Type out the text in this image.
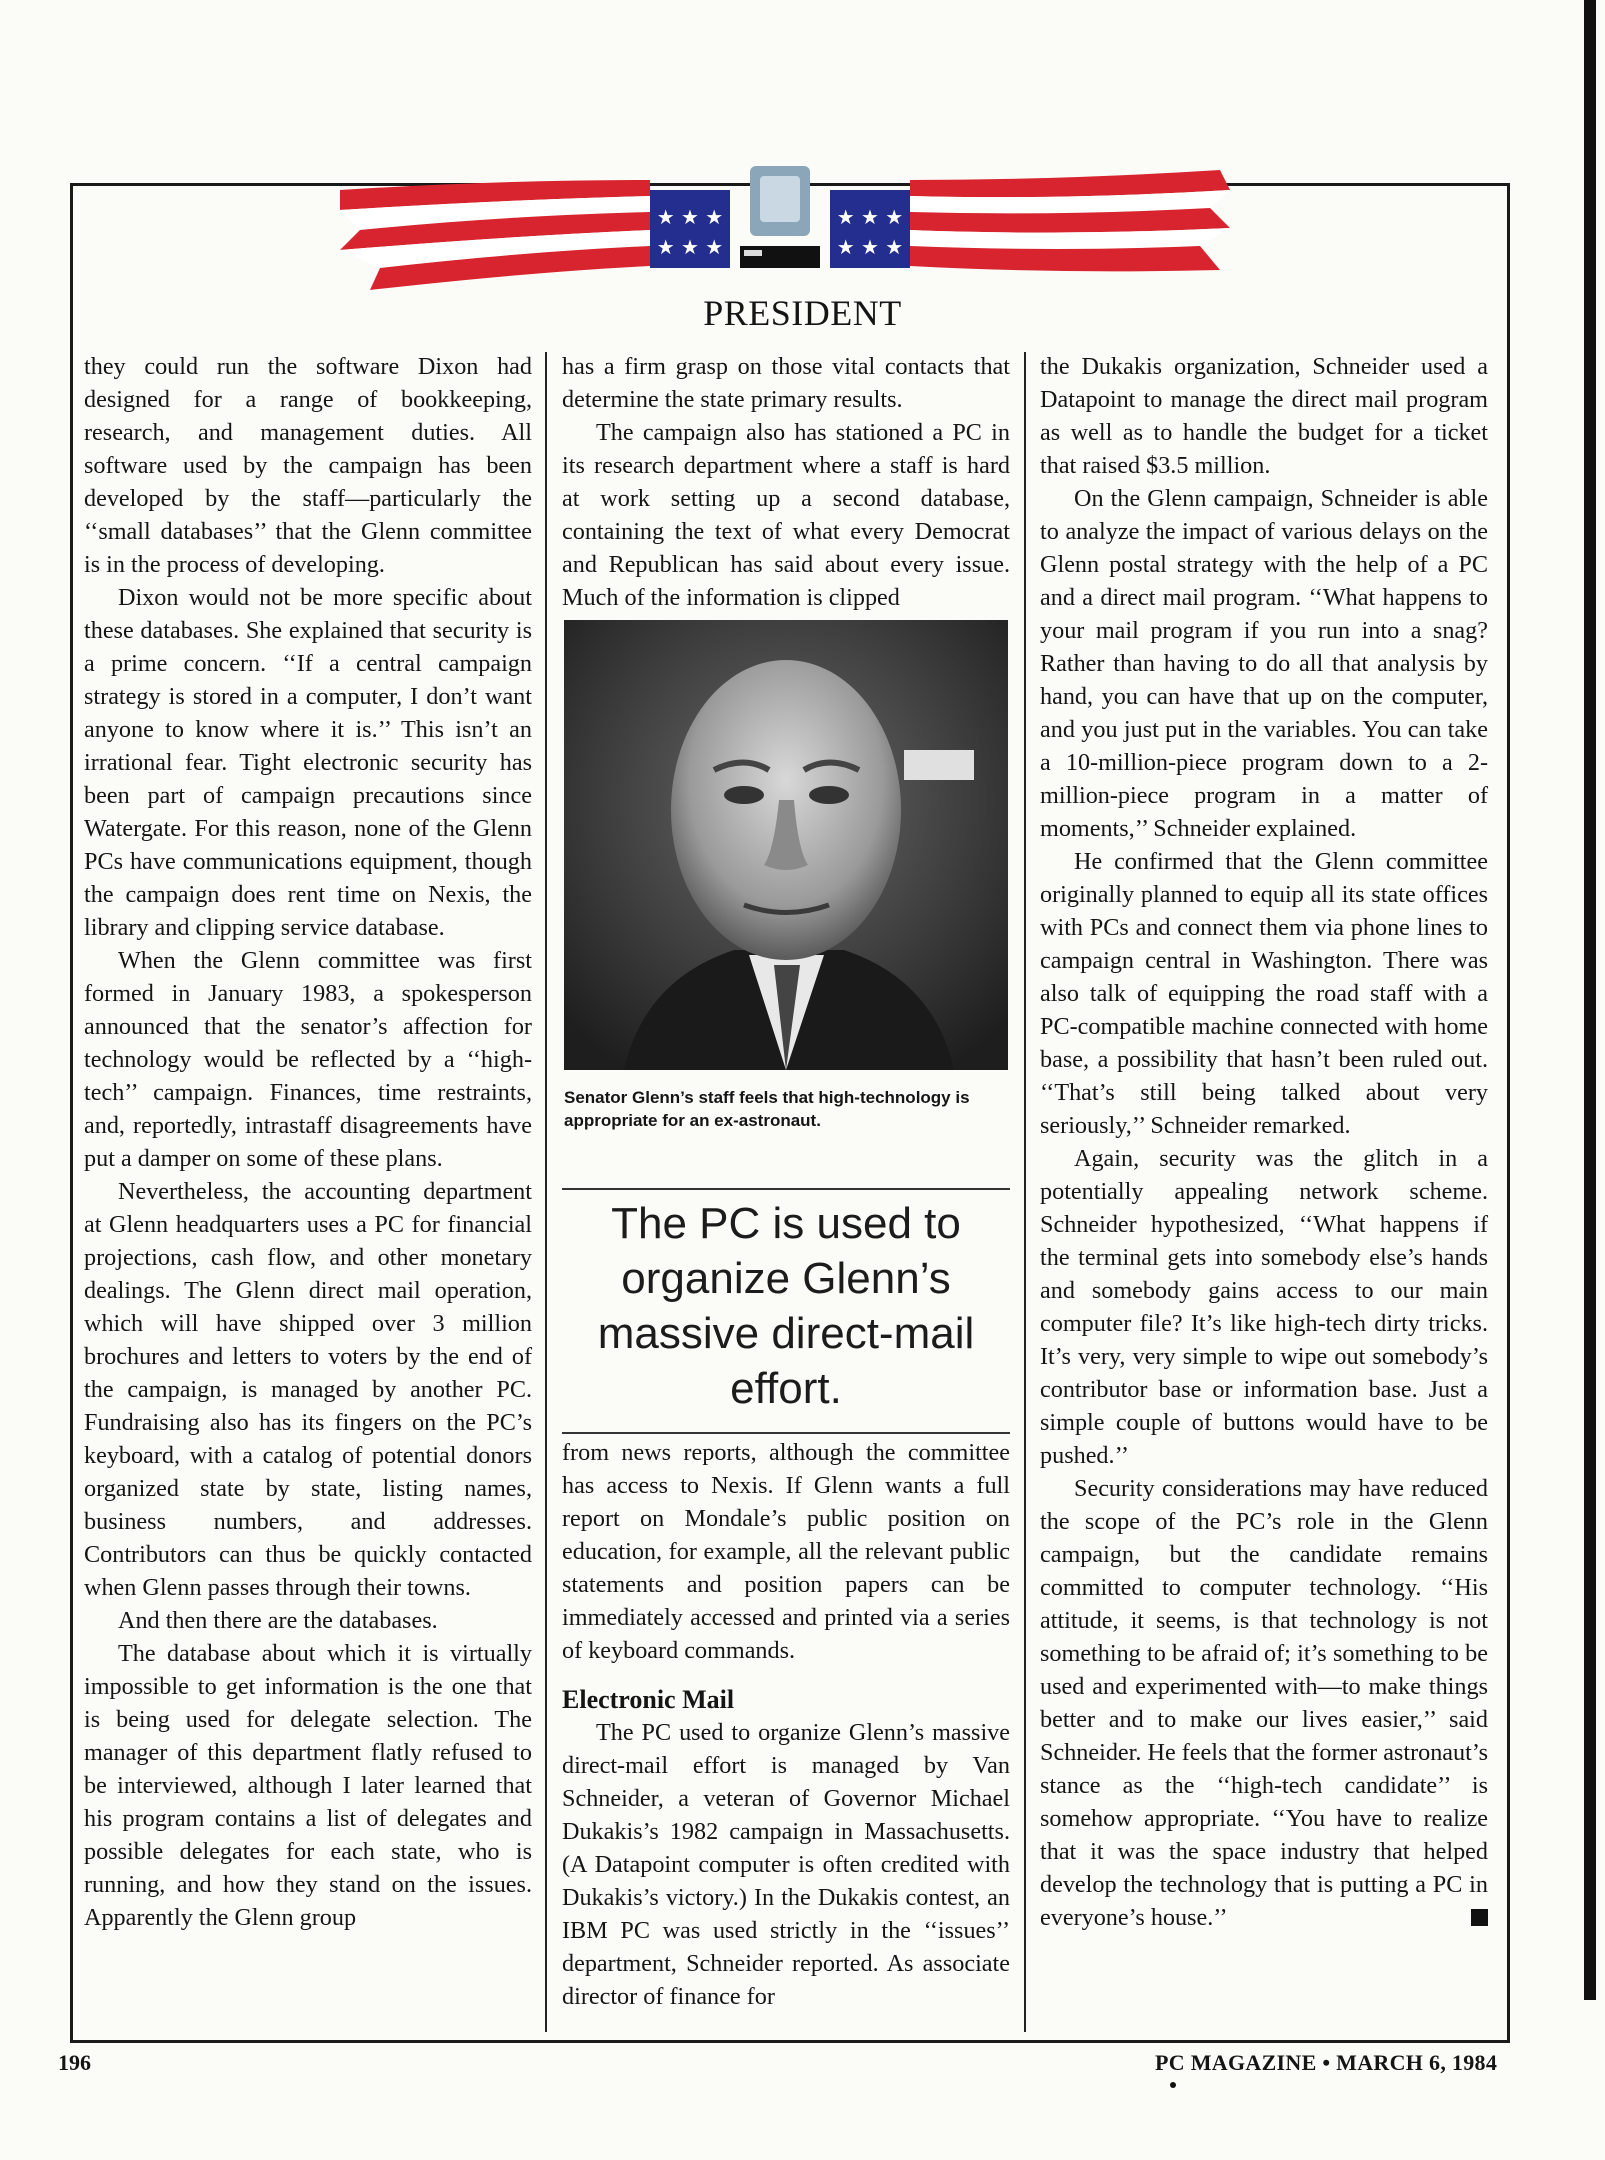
★ ★ ★
★ ★ ★
★ ★ ★
★ ★ ★
PRESIDENT

they could run the software Dixon had designed for a range of bookkeeping, research, and management duties. All software used by the campaign has been developed by the staff—particularly the ‘‘small databases’’ that the Glenn committee is in the process of developing.

Dixon would not be more specific about these databases. She explained that security is a prime concern. ‘‘If a central campaign strategy is stored in a computer, I don’t want anyone to know where it is.’’ This isn’t an irrational fear. Tight electronic security has been part of campaign precautions since Watergate. For this reason, none of the Glenn PCs have communications equipment, though the campaign does rent time on Nexis, the library and clipping service database.

When the Glenn committee was first formed in January 1983, a spokesperson announced that the senator’s affection for technology would be reflected by a ‘‘high-tech’’ campaign. Finances, time restraints, and, reportedly, intrastaff disagreements have put a damper on some of these plans.

Nevertheless, the accounting department at Glenn headquarters uses a PC for financial projections, cash flow, and other monetary dealings. The Glenn direct mail operation, which will have shipped over 3 million brochures and letters to voters by the end of the campaign, is managed by another PC. Fundraising also has its fingers on the PC’s keyboard, with a catalog of potential donors organized state by state, listing names, business numbers, and addresses. Contributors can thus be quickly contacted when Glenn passes through their towns.

And then there are the databases.

The database about which it is virtually impossible to get information is the one that is being used for delegate selection. The manager of this department flatly refused to be interviewed, although I later learned that his program contains a list of delegates and possible delegates for each state, who is running, and how they stand on the issues. Apparently the Glenn group

has a firm grasp on those vital contacts that determine the state primary results.

The campaign also has stationed a PC in its research department where a staff is hard at work setting up a second database, containing the text of what every Democrat and Republican has said about every issue. Much of the information is clipped

Senator Glenn’s staff feels that high-technology is appropriate for an ex-astronaut.
The PC is used to organize Glenn’s massive direct-mail effort.

from news reports, although the committee has access to Nexis. If Glenn wants a full report on Mondale’s public position on education, for example, all the relevant public statements and position papers can be immediately accessed and printed via a series of keyboard commands.

Electronic Mail

The PC used to organize Glenn’s massive direct-mail effort is managed by Van Schneider, a veteran of Governor Michael Dukakis’s 1982 campaign in Massachusetts. (A Datapoint computer is often credited with Dukakis’s victory.) In the Dukakis contest, an IBM PC was used strictly in the ‘‘issues’’ department, Schneider reported. As associate director of finance for

the Dukakis organization, Schneider used a Datapoint to manage the direct mail program as well as to handle the budget for a ticket that raised $3.5 million.

On the Glenn campaign, Schneider is able to analyze the impact of various delays on the Glenn postal strategy with the help of a PC and a direct mail program. ‘‘What happens to your mail program if you run into a snag? Rather than having to do all that analysis by hand, you can have that up on the computer, and you just put in the variables. You can take a 10-million-piece program down to a 2-million-piece program in a matter of moments,’’ Schneider explained.

He confirmed that the Glenn committee originally planned to equip all its state offices with PCs and connect them via phone lines to campaign central in Washington. There was also talk of equipping the road staff with a PC-compatible machine connected with home base, a possibility that hasn’t been ruled out. ‘‘That’s still being talked about very seriously,’’ Schneider remarked.

Again, security was the glitch in a potentially appealing network scheme. Schneider hypothesized, ‘‘What happens if the terminal gets into somebody else’s hands and somebody gains access to our main computer file? It’s like high-tech dirty tricks. It’s very, very simple to wipe out somebody’s contributor base or information base. Just a simple couple of buttons would have to be pushed.’’

Security considerations may have reduced the scope of the PC’s role in the Glenn campaign, but the candidate remains committed to computer technology. ‘‘His attitude, it seems, is that technology is not something to be afraid of; it’s something to be used and experimented with—to make things better and to make our lives easier,’’ said Schneider. He feels that the former astronaut’s stance as the ‘‘high-tech candidate’’ is somehow appropriate. ‘‘You have to realize that it was the space industry that helped develop the technology that is putting a PC in everyone’s house.’’

196	PC MAGAZINE • MARCH 6, 1984
